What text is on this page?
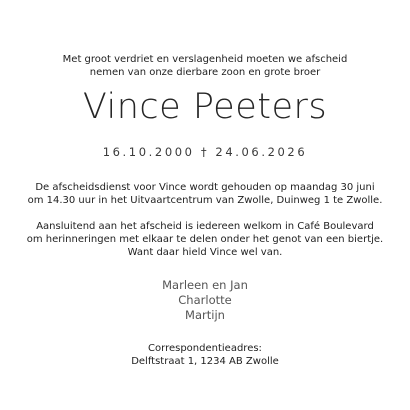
Met groot verdriet en verslagenheid moeten we afscheid
nemen van onze dierbare zoon en grote broer
Vince Peeters
16.10.2000 † 24.06.2026
De afscheidsdienst voor Vince wordt gehouden op maandag 30 juni
om 14.30 uur in het Uitvaartcentrum van Zwolle, Duinweg 1 te Zwolle.
Aansluitend aan het afscheid is iedereen welkom in Café Boulevard
om herinneringen met elkaar te delen onder het genot van een biertje.
Want daar hield Vince wel van.
Marleen en Jan
Charlotte
Martijn
Correspondentieadres:
Delftstraat 1, 1234 AB Zwolle
